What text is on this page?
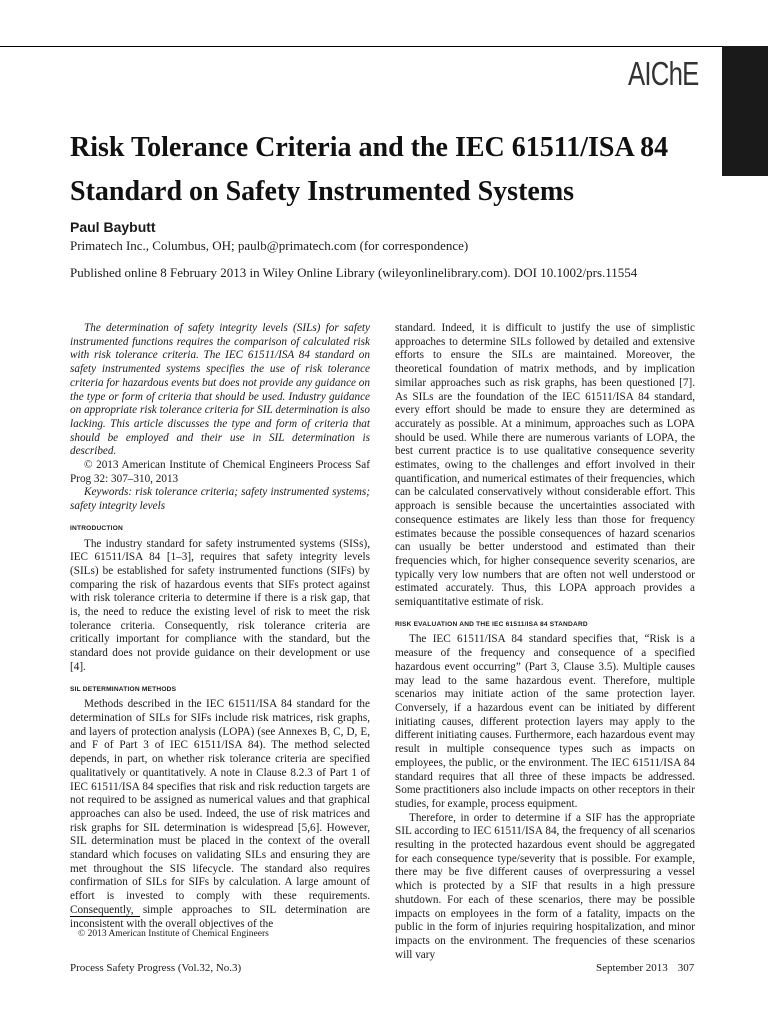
AIChE
Risk Tolerance Criteria and the IEC 61511/ISA 84
Standard on Safety Instrumented Systems
Paul Baybutt
Primatech Inc., Columbus, OH; paulb@primatech.com (for correspondence)
Published online 8 February 2013 in Wiley Online Library (wileyonlinelibrary.com). DOI 10.1002/prs.11554

The determination of safety integrity levels (SILs) for safety instrumented functions requires the comparison of calculated risk with risk tolerance criteria. The IEC 61511/ISA 84 standard on safety instrumented systems specifies the use of risk tolerance criteria for hazardous events but does not provide any guidance on the type or form of criteria that should be used. Industry guidance on appropriate risk tolerance criteria for SIL determination is also lacking. This article discusses the type and form of criteria that should be employed and their use in SIL determination is described.

© 2013 American Institute of Chemical Engineers Process Saf Prog 32: 307–310, 2013

Keywords: risk tolerance criteria; safety instrumented systems; safety integrity levels

INTRODUCTION

The industry standard for safety instrumented systems (SISs), IEC 61511/ISA 84 [1–3], requires that safety integrity levels (SILs) be established for safety instrumented functions (SIFs) by comparing the risk of hazardous events that SIFs protect against with risk tolerance criteria to determine if there is a risk gap, that is, the need to reduce the existing level of risk to meet the risk tolerance criteria. Consequently, risk tolerance criteria are critically important for compliance with the standard, but the standard does not provide guidance on their development or use [4].

SIL DETERMINATION METHODS

Methods described in the IEC 61511/ISA 84 standard for the determination of SILs for SIFs include risk matrices, risk graphs, and layers of protection analysis (LOPA) (see Annexes B, C, D, E, and F of Part 3 of IEC 61511/ISA 84). The method selected depends, in part, on whether risk tolerance criteria are specified qualitatively or quantitatively. A note in Clause 8.2.3 of Part 1 of IEC 61511/ISA 84 specifies that risk and risk reduction targets are not required to be assigned as numerical values and that graphical approaches can also be used. Indeed, the use of risk matrices and risk graphs for SIL determination is widespread [5,6]. However, SIL determination must be placed in the context of the overall standard which focuses on validating SILs and ensuring they are met throughout the SIS lifecycle. The standard also requires confirmation of SILs for SIFs by calculation. A large amount of effort is invested to comply with these requirements. Consequently, simple approaches to SIL determination are inconsistent with the overall objectives of the

standard. Indeed, it is difficult to justify the use of simplistic approaches to determine SILs followed by detailed and extensive efforts to ensure the SILs are maintained. Moreover, the theoretical foundation of matrix methods, and by implication similar approaches such as risk graphs, has been questioned [7]. As SILs are the foundation of the IEC 61511/ISA 84 standard, every effort should be made to ensure they are determined as accurately as possible. At a minimum, approaches such as LOPA should be used. While there are numerous variants of LOPA, the best current practice is to use qualitative consequence severity estimates, owing to the challenges and effort involved in their quantification, and numerical estimates of their frequencies, which can be calculated conservatively without considerable effort. This approach is sensible because the uncertainties associated with consequence estimates are likely less than those for frequency estimates because the possible consequences of hazard scenarios can usually be better understood and estimated than their frequencies which, for higher consequence severity scenarios, are typically very low numbers that are often not well understood or estimated accurately. Thus, this LOPA approach provides a semiquantitative estimate of risk.

RISK EVALUATION AND THE IEC 61511/ISA 84 STANDARD

The IEC 61511/ISA 84 standard specifies that, “Risk is a measure of the frequency and consequence of a specified hazardous event occurring” (Part 3, Clause 3.5). Multiple causes may lead to the same hazardous event. Therefore, multiple scenarios may initiate action of the same protection layer. Conversely, if a hazardous event can be initiated by different initiating causes, different protection layers may apply to the different initiating causes. Furthermore, each hazardous event may result in multiple consequence types such as impacts on employees, the public, or the environment. The IEC 61511/ISA 84 standard requires that all three of these impacts be addressed. Some practitioners also include impacts on other receptors in their studies, for example, process equipment.

Therefore, in order to determine if a SIF has the appropriate SIL according to IEC 61511/ISA 84, the frequency of all scenarios resulting in the protected hazardous event should be aggregated for each consequence type/severity that is possible. For example, there may be five different causes of overpressuring a vessel which is protected by a SIF that results in a high pressure shutdown. For each of these scenarios, there may be possible impacts on employees in the form of a fatality, impacts on the public in the form of injuries requiring hospitalization, and minor impacts on the environment. The frequencies of these scenarios will vary

© 2013 American Institute of Chemical Engineers
Process Safety Progress (Vol.32, No.3)	September 2013 307
